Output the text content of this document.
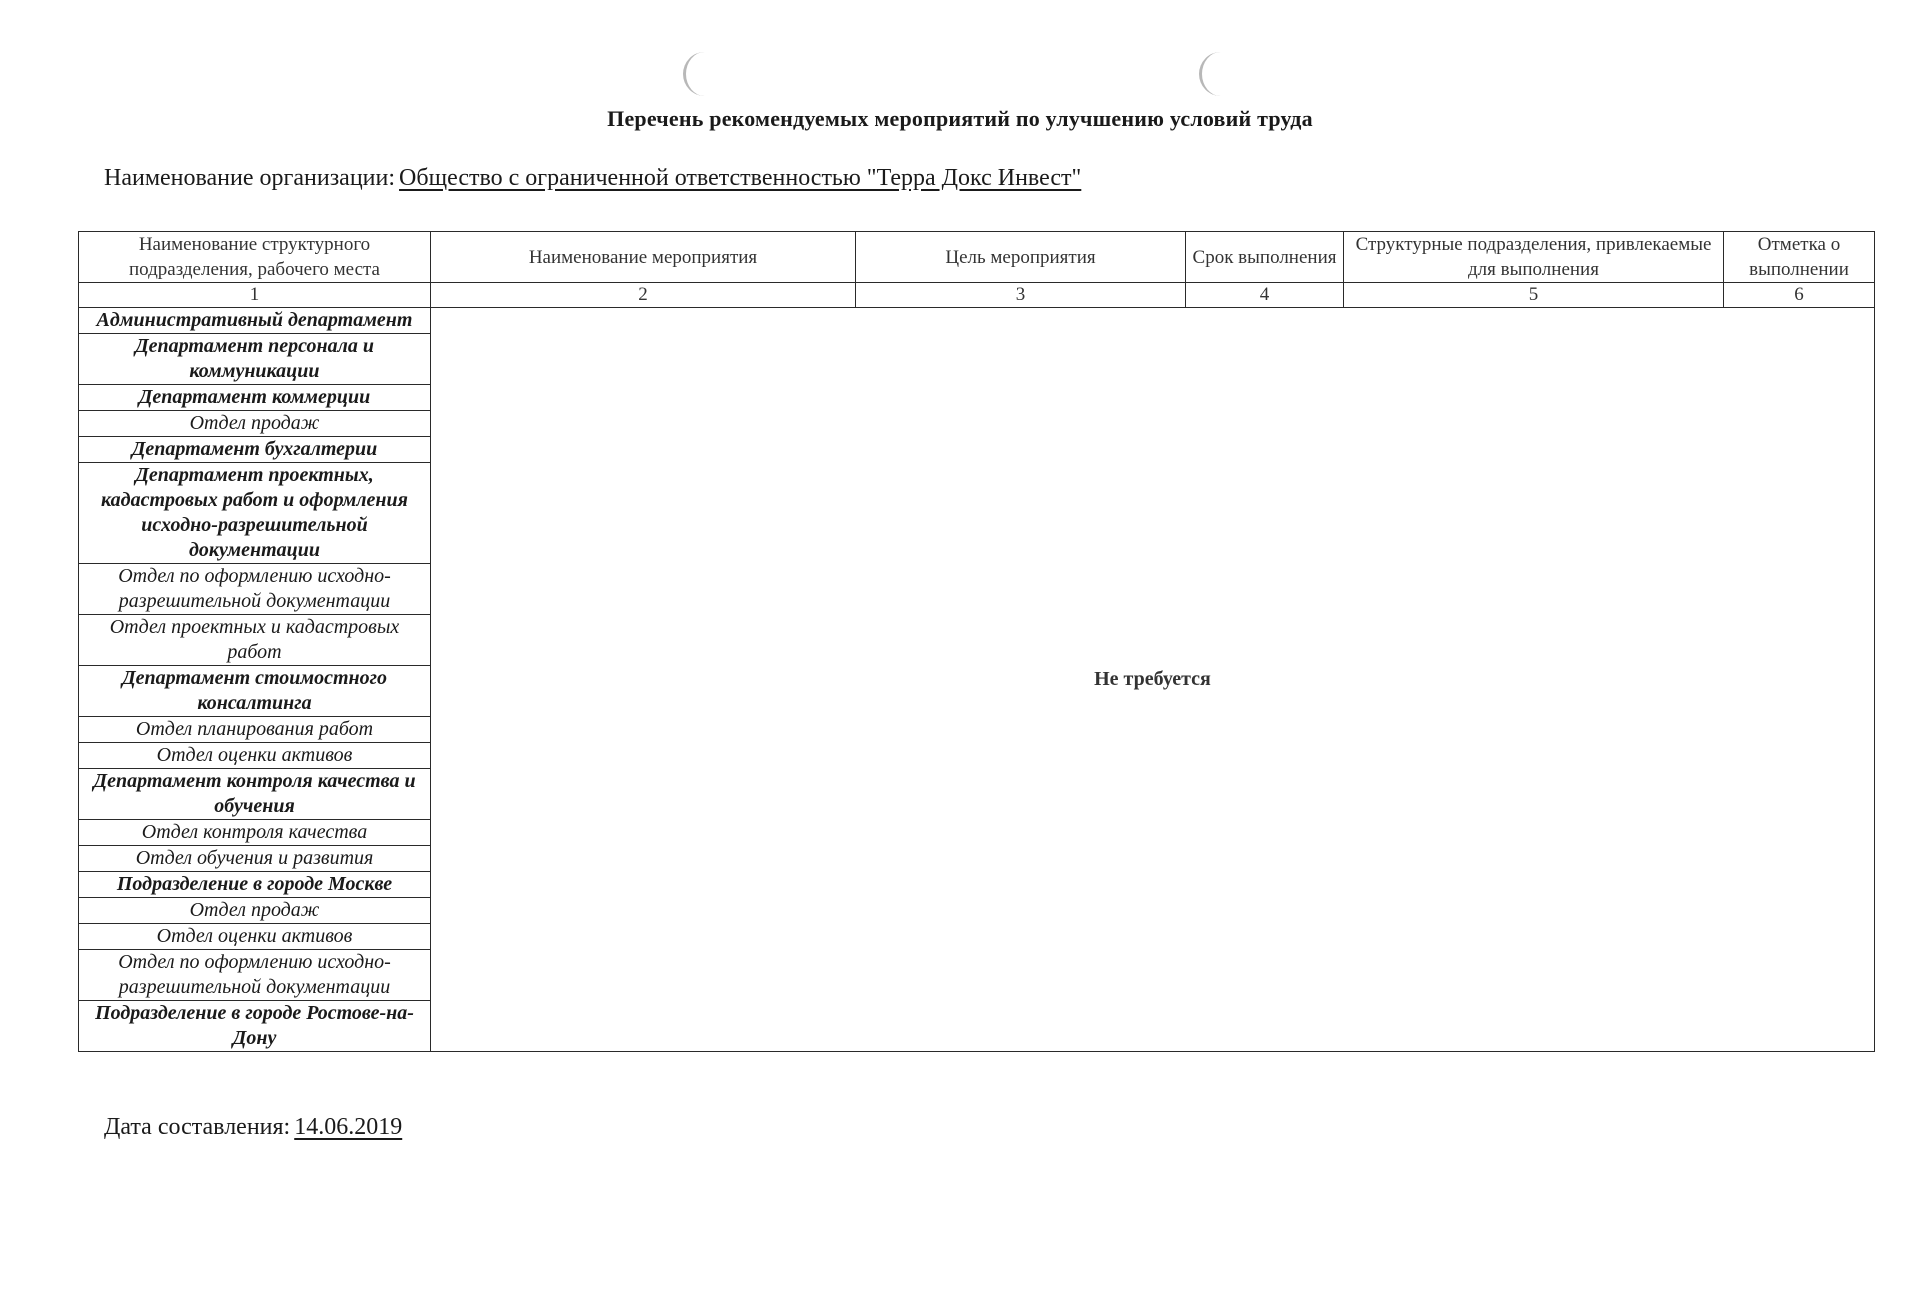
Перечень рекомендуемых мероприятий по улучшению условий труда
Наименование организации: Общество с ограниченной ответственностью "Терра Докс Инвест"
Наименование структурного подразделения, рабочего места	Наименование мероприятия	Цель мероприятия	Срок выполнения	Структурные подразделения, привлекаемые для выполнения	Отметка о выполнении
1	2	3	4	5	6
Административный департамент	Не требуется				
Департамент персонала и коммуникации					
Департамент коммерции					
Отдел продаж					
Департамент бухгалтерии					
Департамент проектных, кадастровых работ и оформления исходно-разрешительной документации					
Отдел по оформлению исходно-разрешительной документации					
Отдел проектных и кадастровых работ					
Департамент стоимостного консалтинга					
Отдел планирования работ					
Отдел оценки активов					
Департамент контроля качества и обучения					
Отдел контроля качества					
Отдел обучения и развития					
Подразделение в городе Москве					
Отдел продаж					
Отдел оценки активов					
Отдел по оформлению исходно-разрешительной документации					
Подразделение в городе Ростове-на-Дону					
Дата составления: 14.06.2019
